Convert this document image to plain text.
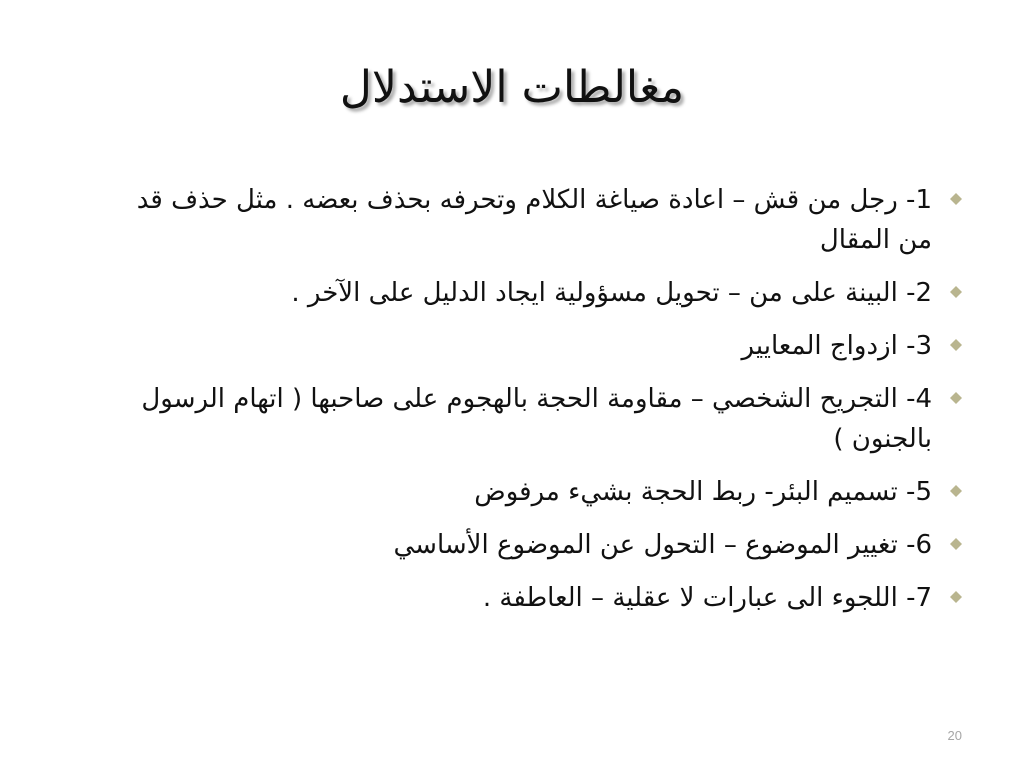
مغالطات الاستدلال
1- رجل من قش – اعادة صياغة الكلام وتحرفه بحذف بعضه . مثل حذف قد من المقال
2- البينة على من – تحويل مسؤولية ايجاد الدليل على الآخر .
3- ازدواج المعايير
4- التجريح الشخصي – مقاومة الحجة بالهجوم على صاحبها ( اتهام الرسول بالجنون )
5- تسميم البئر- ربط الحجة بشيء مرفوض
6- تغيير الموضوع – التحول عن الموضوع الأساسي
7- اللجوء الى عبارات لا عقلية – العاطفة .
20
